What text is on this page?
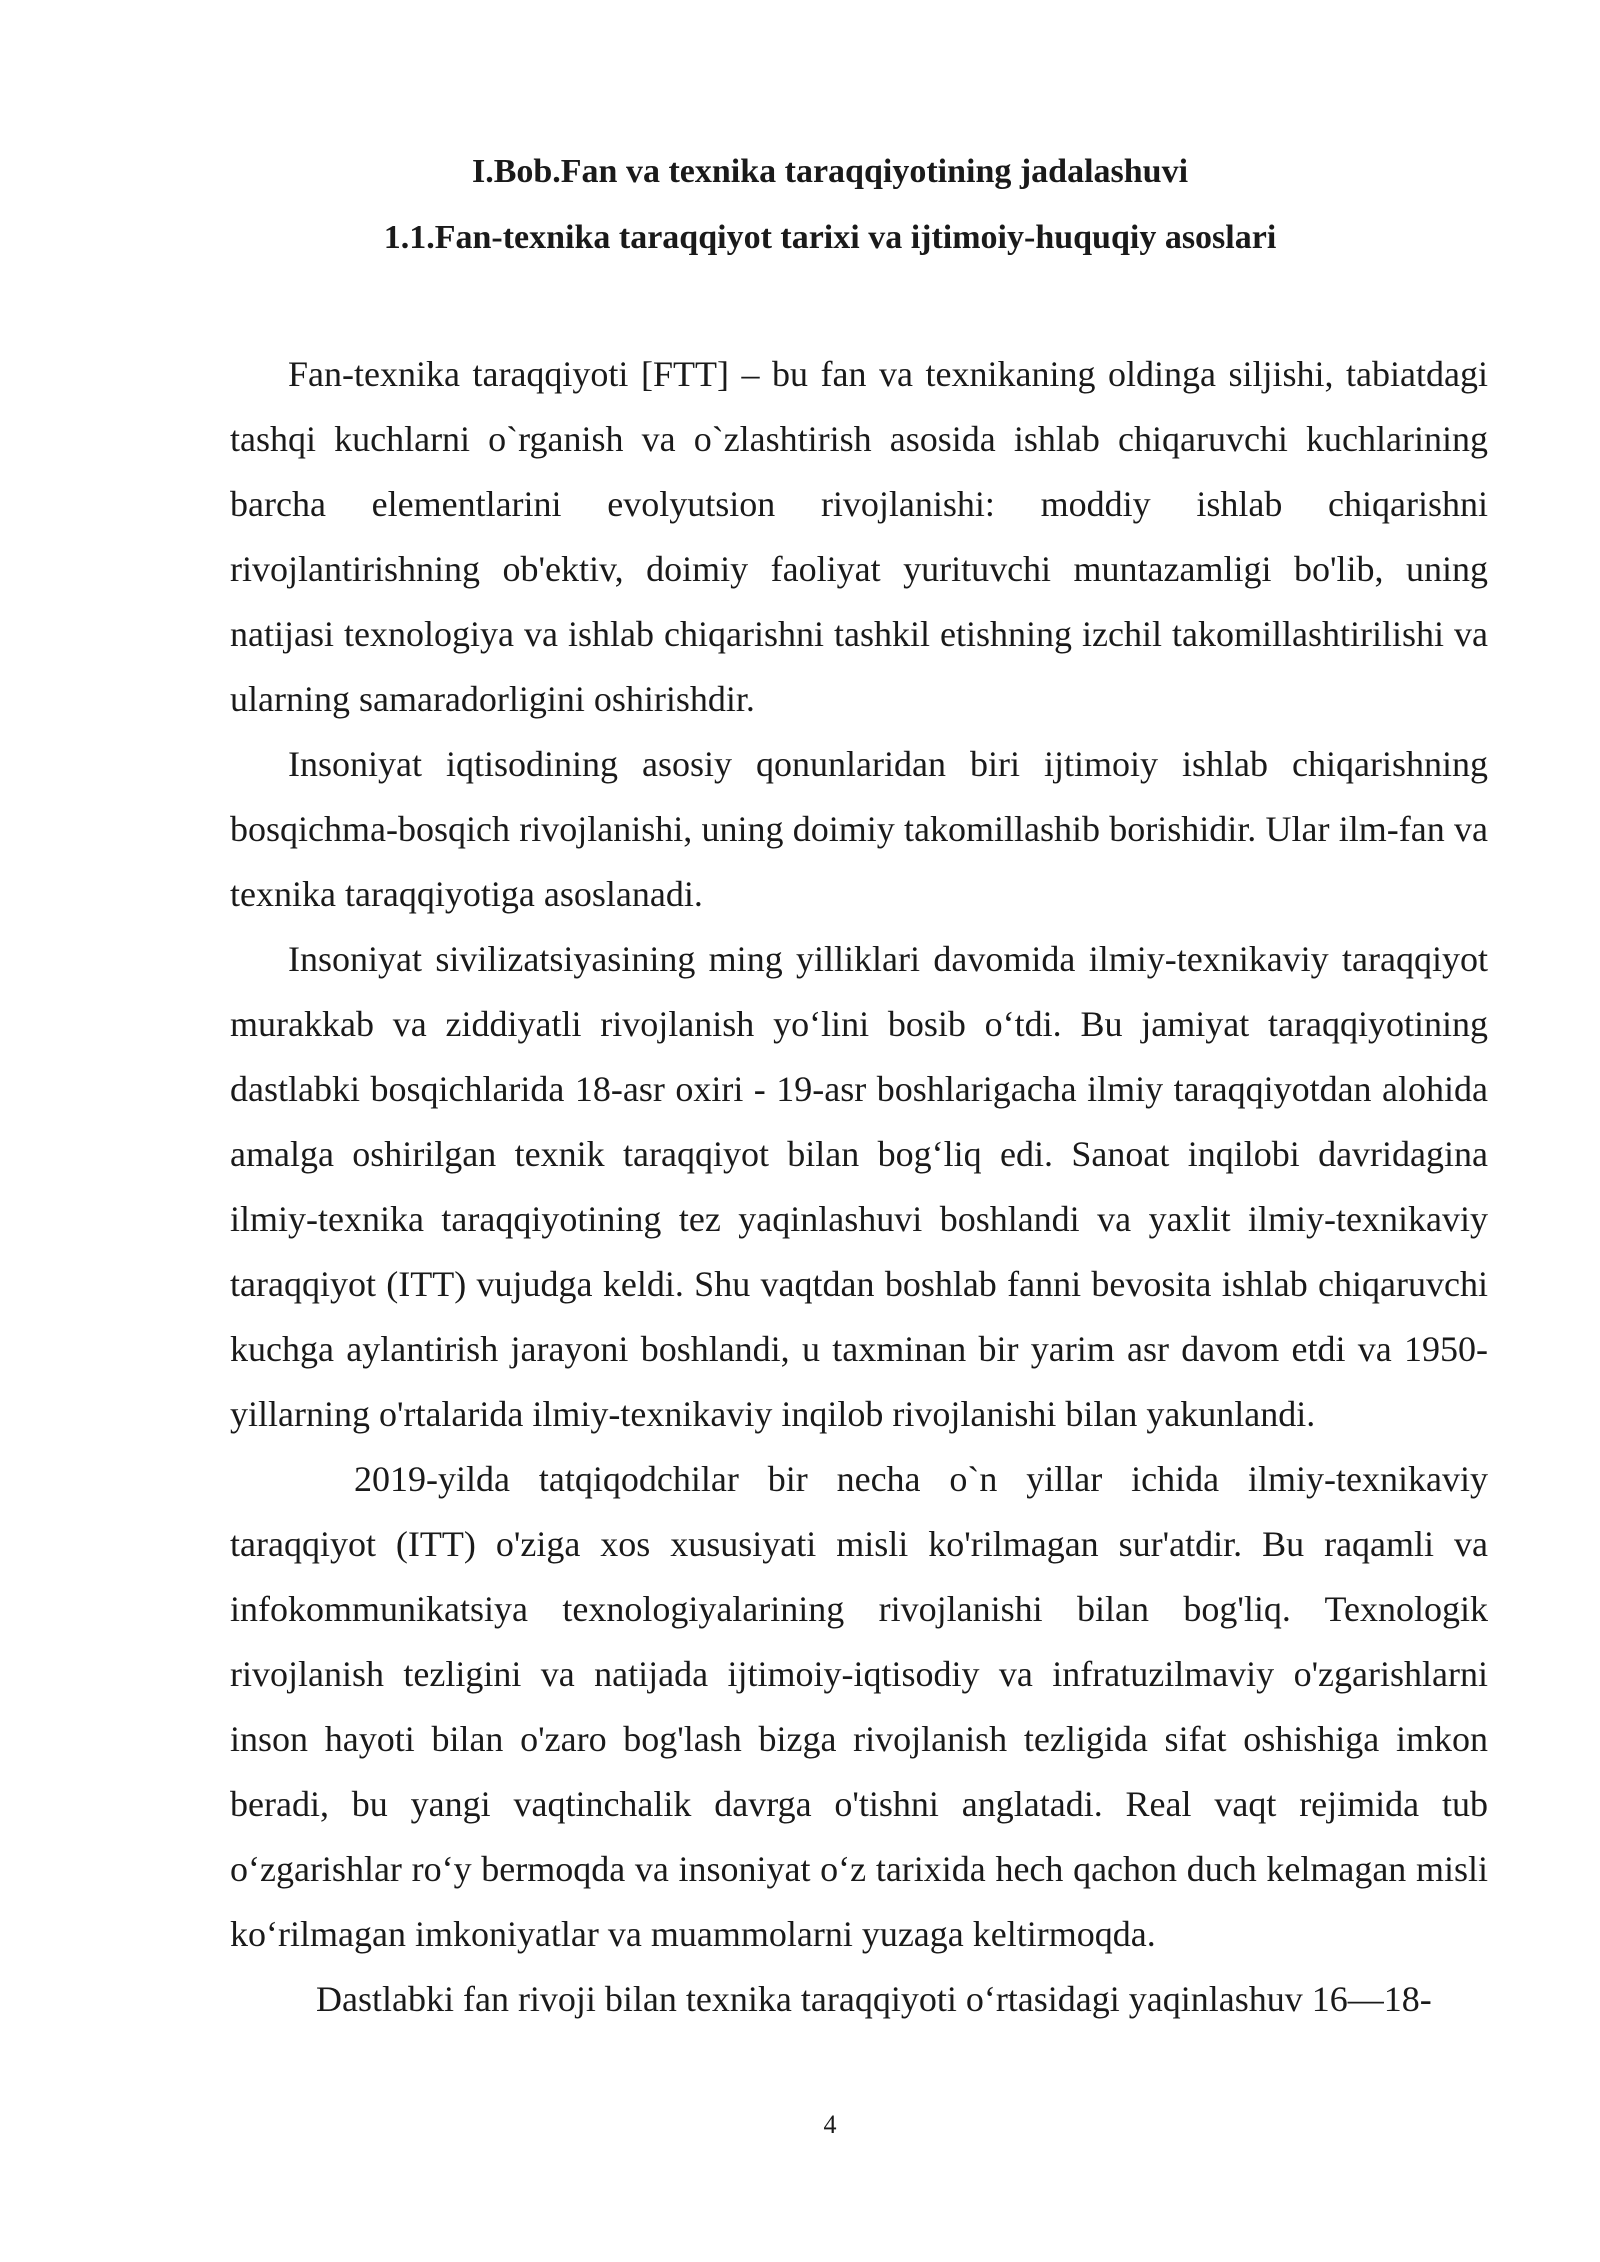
I.Bob.Fan va texnika taraqqiyotining jadalashuvi
1.1.Fan-texnika taraqqiyot tarixi va ijtimoiy-huquqiy asoslari

Fan-texnika taraqqiyoti [FTT] – bu fan va texnikaning oldinga siljishi, tabiatdagi tashqi kuchlarni o`rganish va o`zlashtirish asosida ishlab chiqaruvchi kuchlarining barcha elementlarini evolyutsion rivojlanishi: moddiy ishlab chiqarishni rivojlantirishning ob'ektiv, doimiy faoliyat yurituvchi muntazamligi bo'lib, uning natijasi texnologiya va ishlab chiqarishni tashkil etishning izchil takomillashtirilishi va ularning samaradorligini oshirishdir.

Insoniyat iqtisodining asosiy qonunlaridan biri ijtimoiy ishlab chiqarishning bosqichma-bosqich rivojlanishi, uning doimiy takomillashib borishidir. Ular ilm-fan va texnika taraqqiyotiga asoslanadi.

Insoniyat sivilizatsiyasining ming yilliklari davomida ilmiy-texnikaviy taraqqiyot murakkab va ziddiyatli rivojlanish yo‘lini bosib o‘tdi. Bu jamiyat taraqqiyotining dastlabki bosqichlarida 18-asr oxiri - 19-asr boshlarigacha ilmiy taraqqiyotdan alohida amalga oshirilgan texnik taraqqiyot bilan bog‘liq edi. Sanoat inqilobi davridagina ilmiy-texnika taraqqiyotining tez yaqinlashuvi boshlandi va yaxlit ilmiy-texnikaviy taraqqiyot (ITT) vujudga keldi. Shu vaqtdan boshlab fanni bevosita ishlab chiqaruvchi kuchga aylantirish jarayoni boshlandi, u taxminan bir yarim asr davom etdi va 1950-yillarning o'rtalarida ilmiy-texnikaviy inqilob rivojlanishi bilan yakunlandi.

2019-yilda tatqiqodchilar bir necha o`n yillar ichida ilmiy-texnikaviy taraqqiyot (ITT) o'ziga xos xususiyati misli ko'rilmagan sur'atdir. Bu raqamli va infokommunikatsiya texnologiyalarining rivojlanishi bilan bog'liq. Texnologik rivojlanish tezligini va natijada ijtimoiy-iqtisodiy va infratuzilmaviy o'zgarishlarni inson hayoti bilan o'zaro bog'lash bizga rivojlanish tezligida sifat oshishiga imkon beradi, bu yangi vaqtinchalik davrga o'tishni anglatadi. Real vaqt rejimida tub o‘zgarishlar ro‘y bermoqda va insoniyat o‘z tarixida hech qachon duch kelmagan misli ko‘rilmagan imkoniyatlar va muammolarni yuzaga keltirmoqda.

Dastlabki fan rivoji bilan texnika taraqqiyoti o‘rtasidagi yaqinlashuv 16—18-

4
